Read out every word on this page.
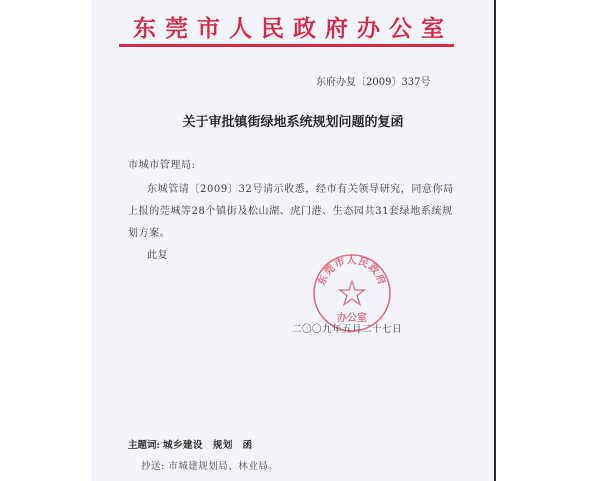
东莞市人民政府办公室
东府办复〔2009〕337号
关于审批镇街绿地系统规划问题的复函
市城市管理局:
东城管请〔2009〕32号请示收悉，经市有关领导研究，同意你局
上报的莞城等28个镇街及松山湖、虎门港、生态园共31套绿地系统规
划方案。
此复
东莞市人民政府
办公室
二〇〇九年五月二十七日
主题词: 城乡建设 规划 函
抄送: 市城建规划局、林业局。
